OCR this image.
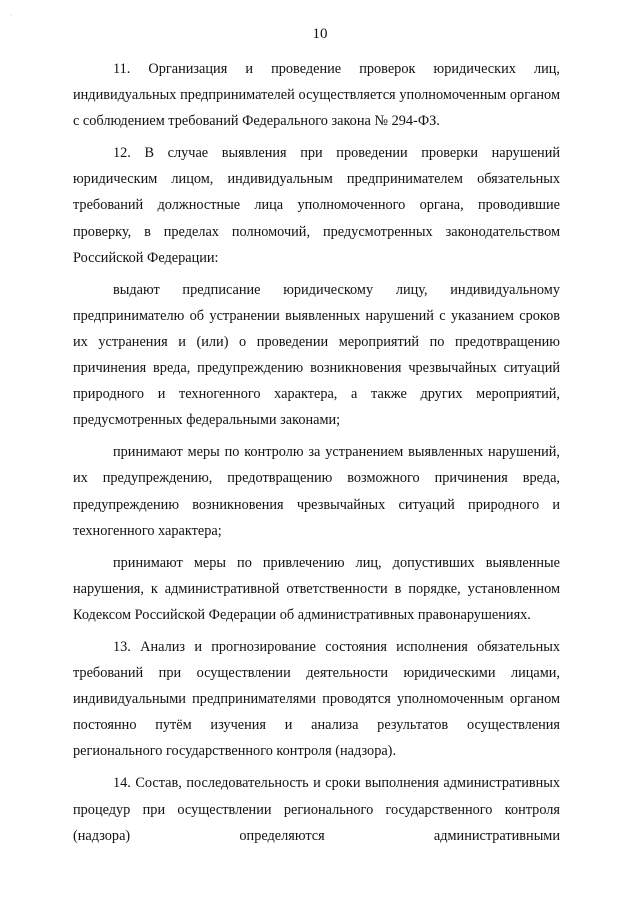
·
10

11. Организация и проведение проверок юридических лиц, индивидуальных предпринимателей осуществляется уполномоченным органом с соблюдением требований Федерального закона № 294-ФЗ.

12. В случае выявления при проведении проверки нарушений юридическим лицом, индивидуальным предпринимателем обязательных требований должностные лица уполномоченного органа, проводившие проверку, в пределах полномочий, предусмотренных законодательством Российской Федерации:

выдают предписание юридическому лицу, индивидуальному предпринимателю об устранении выявленных нарушений с указанием сроков их устранения и (или) о проведении мероприятий по предотвращению причинения вреда, предупреждению возникновения чрезвычайных ситуаций природного и техногенного характера, а также других мероприятий, предусмотренных федеральными законами;

принимают меры по контролю за устранением выявленных нарушений, их предупреждению, предотвращению возможного причинения вреда, предупреждению возникновения чрезвычайных ситуаций природного и техногенного характера;

принимают меры по привлечению лиц, допустивших выявленные нарушения, к административной ответственности в порядке, установленном Кодексом Российской Федерации об административных правонарушениях.

13. Анализ и прогнозирование состояния исполнения обязательных требований при осуществлении деятельности юридическими лицами, индивидуальными предпринимателями проводятся уполномоченным органом постоянно путём изучения и анализа результатов осуществления регионального государственного контроля (надзора).

14. Состав, последовательность и сроки выполнения административных процедур при осуществлении регионального государственного контроля (надзора) определяются административными
